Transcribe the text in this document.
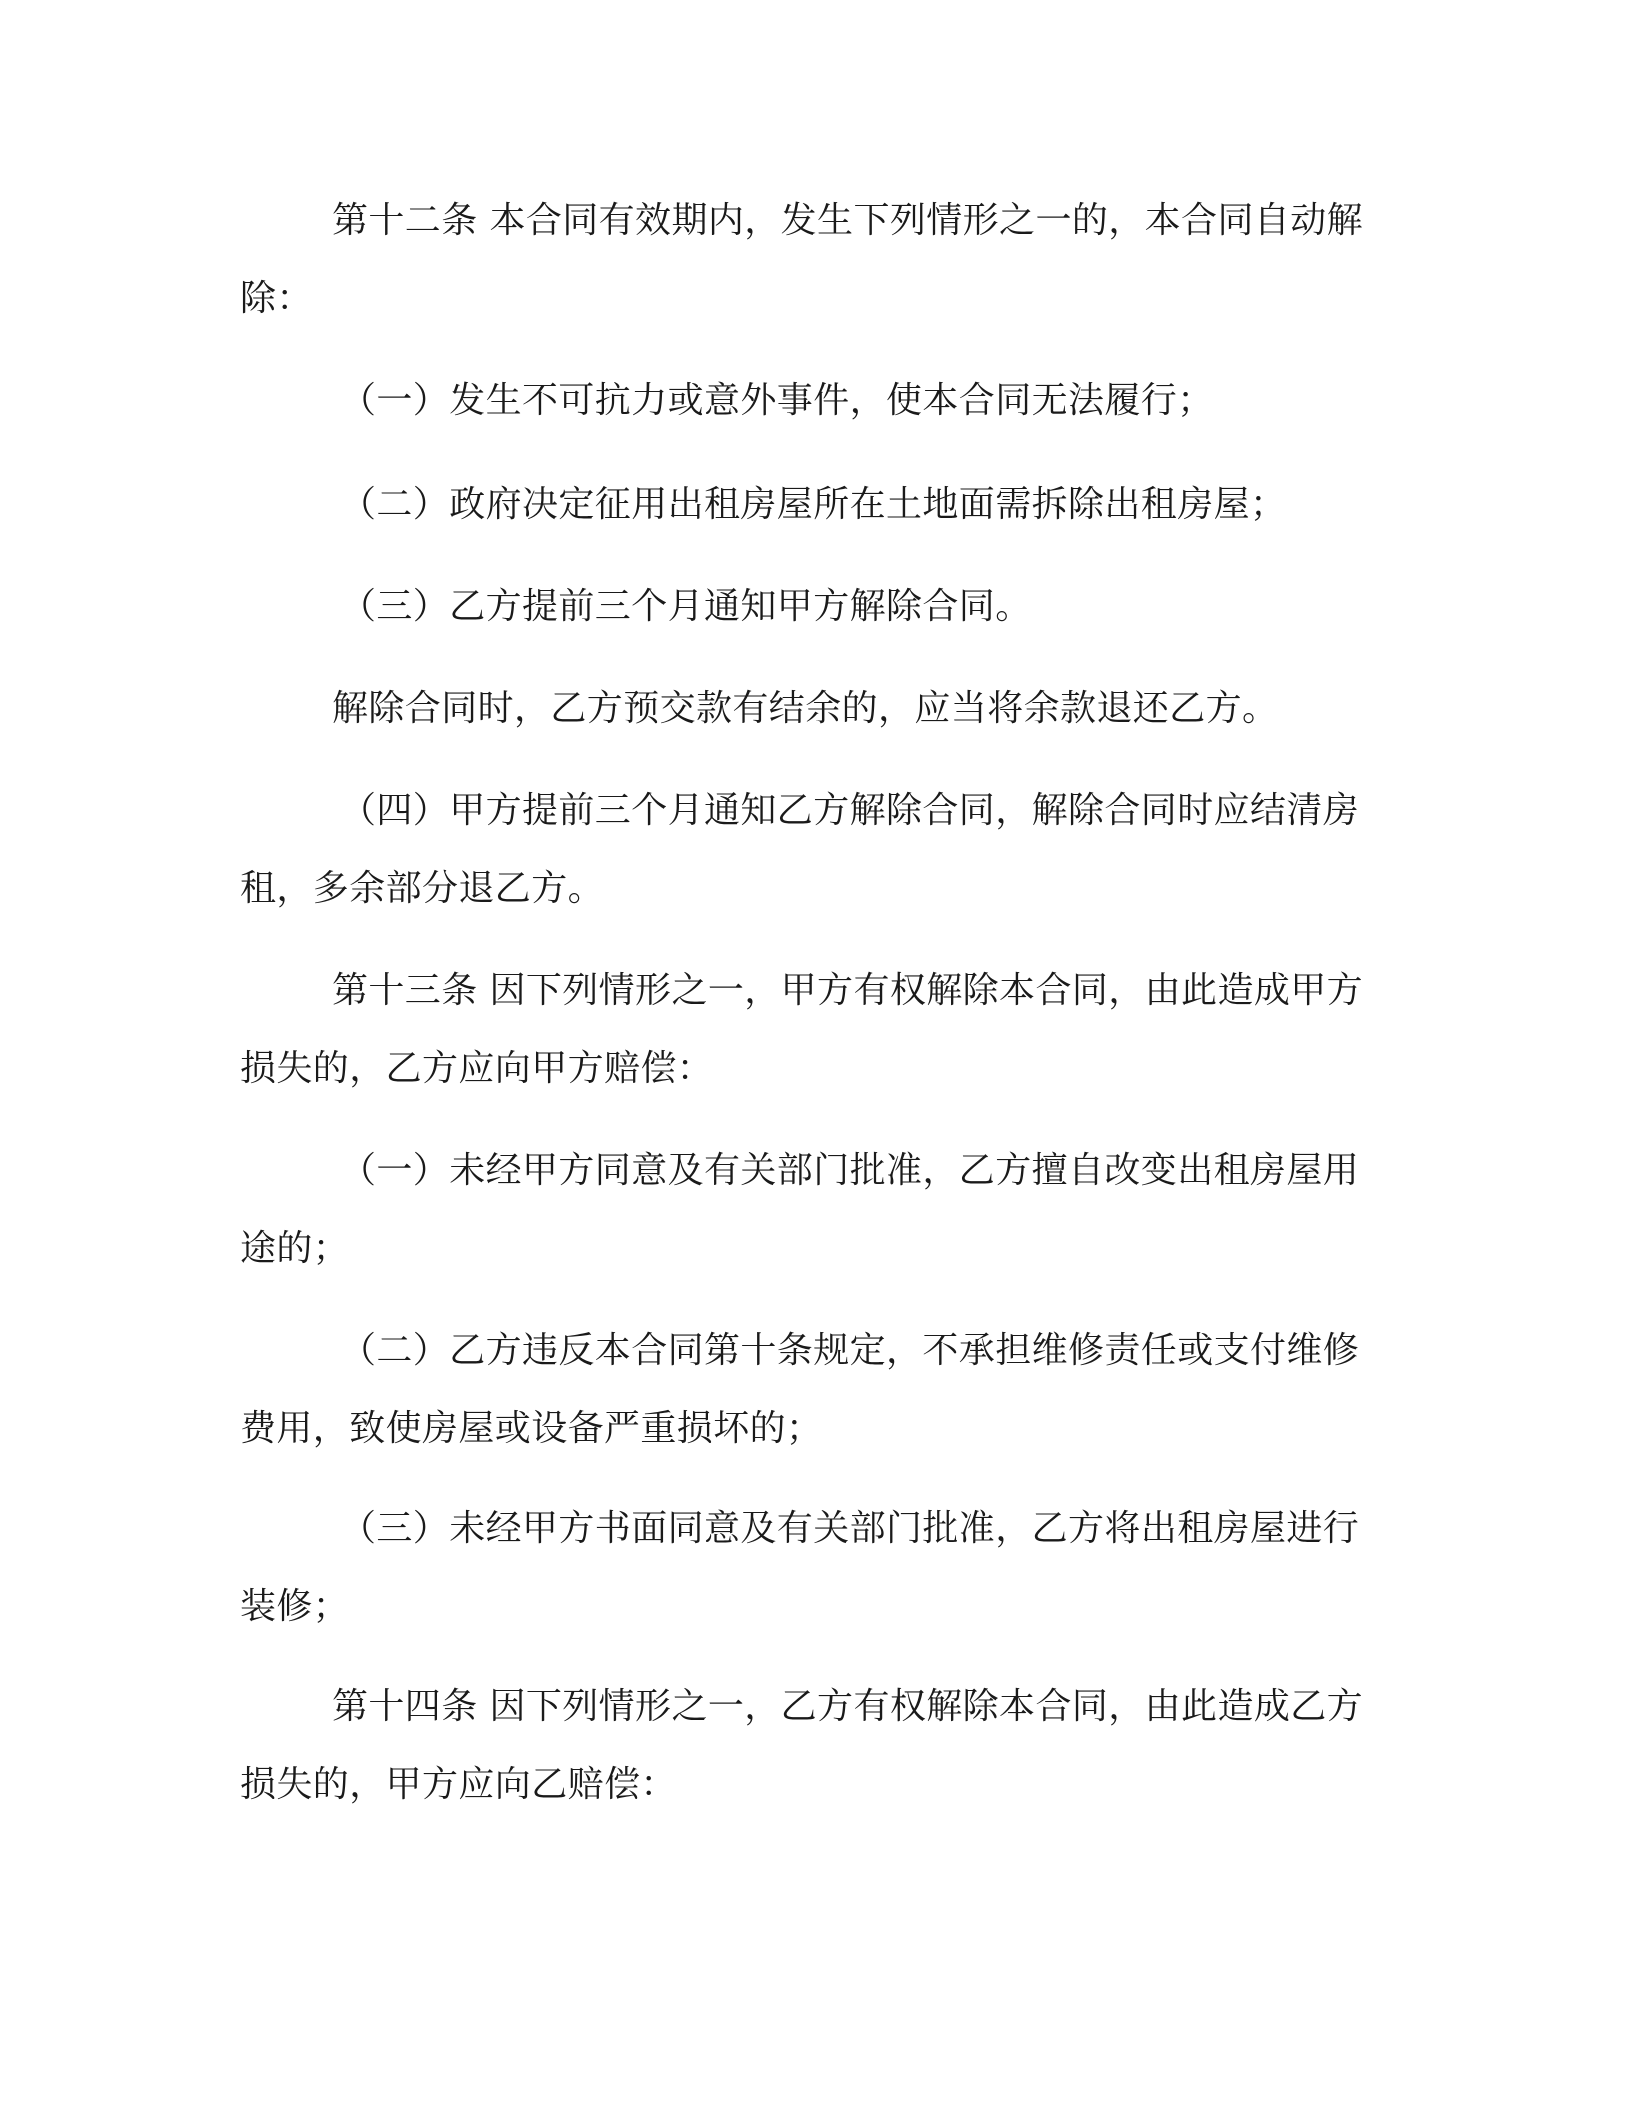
第十二条 本合同有效期内，发生下列情形之一的，本合同自动解除：

（一）发生不可抗力或意外事件，使本合同无法履行；

（二）政府决定征用出租房屋所在土地面需拆除出租房屋；

（三）乙方提前三个月通知甲方解除合同。

解除合同时，乙方预交款有结余的，应当将余款退还乙方。

（四）甲方提前三个月通知乙方解除合同，解除合同时应结清房租，多余部分退乙方。

第十三条 因下列情形之一，甲方有权解除本合同，由此造成甲方损失的，乙方应向甲方赔偿：

（一）未经甲方同意及有关部门批准，乙方擅自改变出租房屋用途的；

（二）乙方违反本合同第十条规定，不承担维修责任或支付维修费用，致使房屋或设备严重损坏的；

（三）未经甲方书面同意及有关部门批准，乙方将出租房屋进行装修；

第十四条 因下列情形之一，乙方有权解除本合同，由此造成乙方损失的，甲方应向乙赔偿：
